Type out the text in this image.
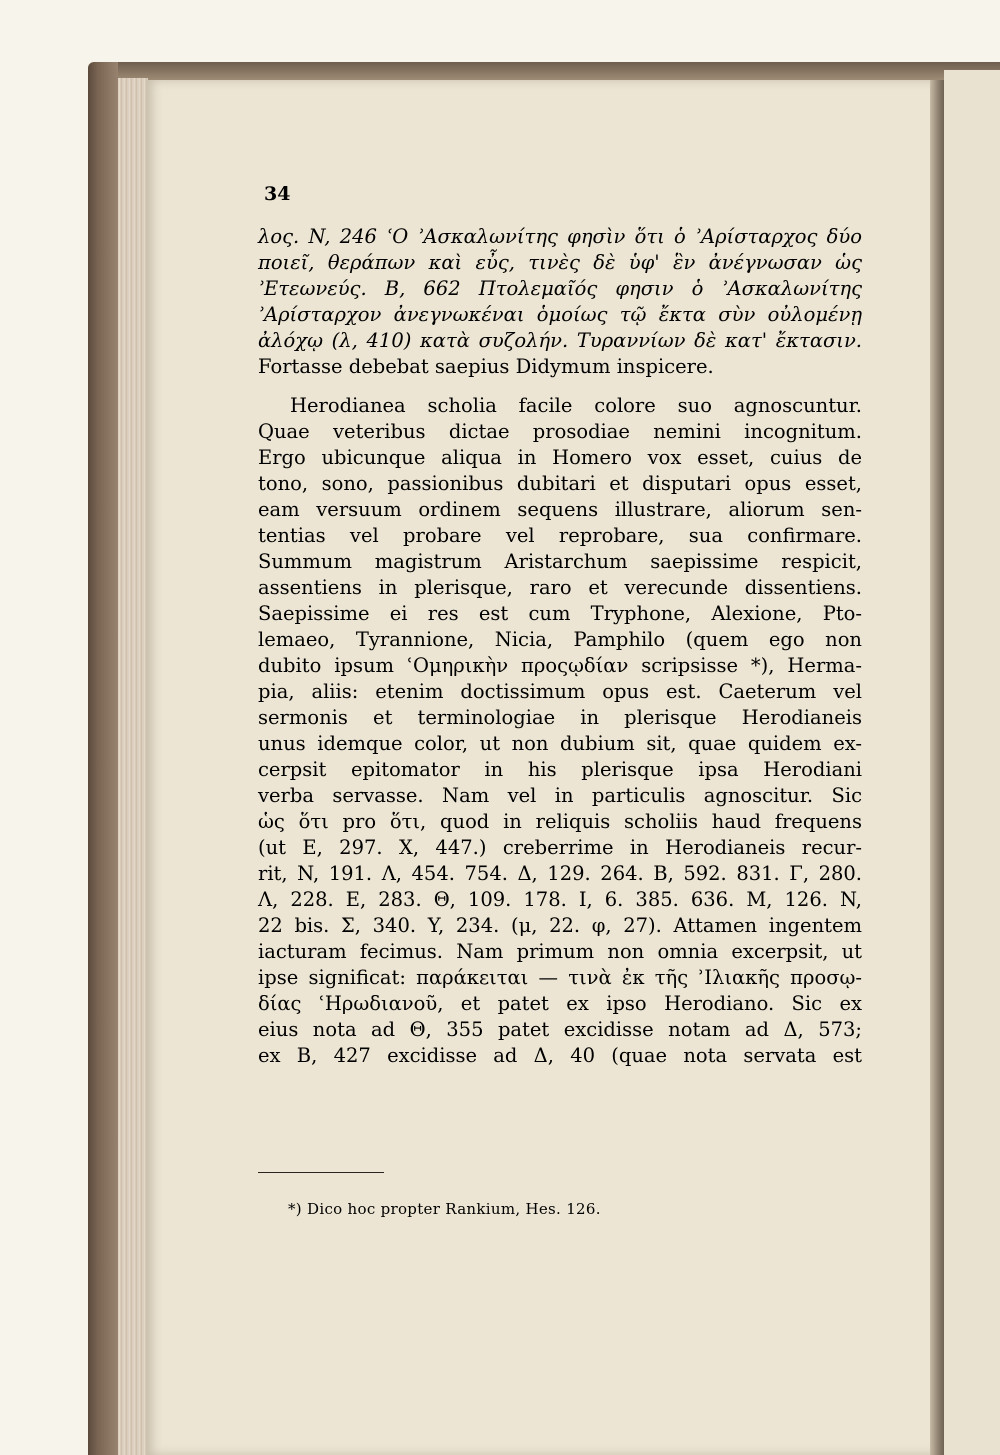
34
λος. N, 246 ʿO ʾΑσκαλωνίτης φησὶν ὅτι ὁ ʾΑρίσταρχος δύο
ποιεῖ, θεράπων καὶ εὖς, τινὲς δὲ ὑφ' ἓν ἀνέγνωσαν ὡς
ʾΕτεωνεύς. B, 662 Πτολεμαῖός φησιν ὁ ʾΑσκαλωνίτης
ʾΑρίσταρχον ἀνεγνωκέναι ὁμοίως τῷ ἔκτα σὺν οὐλομένῃ
ἀλόχῳ (λ, 410) κατὰ συζολήν. Τυραννίων δὲ κατ' ἔκτασιν.
Fortasse debebat saepius Didymum inspicere.
Herodianea scholia facile colore suo agnoscuntur.
Quae veteribus dictae prosodiae nemini incognitum.
Ergo ubicunque aliqua in Homero vox esset, cuius de
tono, sono, passionibus dubitari et disputari opus esset,
eam versuum ordinem sequens illustrare, aliorum sen-
tentias vel probare vel reprobare, sua confirmare.
Summum magistrum Aristarchum saepissime respicit,
assentiens in plerisque, raro et verecunde dissentiens.
Saepissime ei res est cum Tryphone, Alexione, Pto-
lemaeo, Tyrannione, Nicia, Pamphilo (quem ego non
dubito ipsum ʿΟμηρικὴν προςῳδίαν scripsisse *), Herma-
pia, aliis: etenim doctissimum opus est. Caeterum vel
sermonis et terminologiae in plerisque Herodianeis
unus idemque color, ut non dubium sit, quae quidem ex-
cerpsit epitomator in his plerisque ipsa Herodiani
verba servasse. Nam vel in particulis agnoscitur. Sic
ὡς ὅτι pro ὅτι, quod in reliquis scholiis haud frequens
(ut E, 297. X, 447.) creberrime in Herodianeis recur-
rit, N, 191. Λ, 454. 754. Δ, 129. 264. B, 592. 831. Γ, 280.
Λ, 228. E, 283. Θ, 109. 178. I, 6. 385. 636. M, 126. N,
22 bis. Σ, 340. Y, 234. (μ, 22. φ, 27). Attamen ingentem
iacturam fecimus. Nam primum non omnia excerpsit, ut
ipse significat: παράκειται — τινὰ ἐκ τῆς ʾΙλιακῆς προσῳ-
δίας ʿΗρωδιανοῦ, et patet ex ipso Herodiano. Sic ex
eius nota ad Θ, 355 patet excidisse notam ad Δ, 573;
ex B, 427 excidisse ad Δ, 40 (quae nota servata est
*) Dico hoc propter Rankium, Hes. 126.
